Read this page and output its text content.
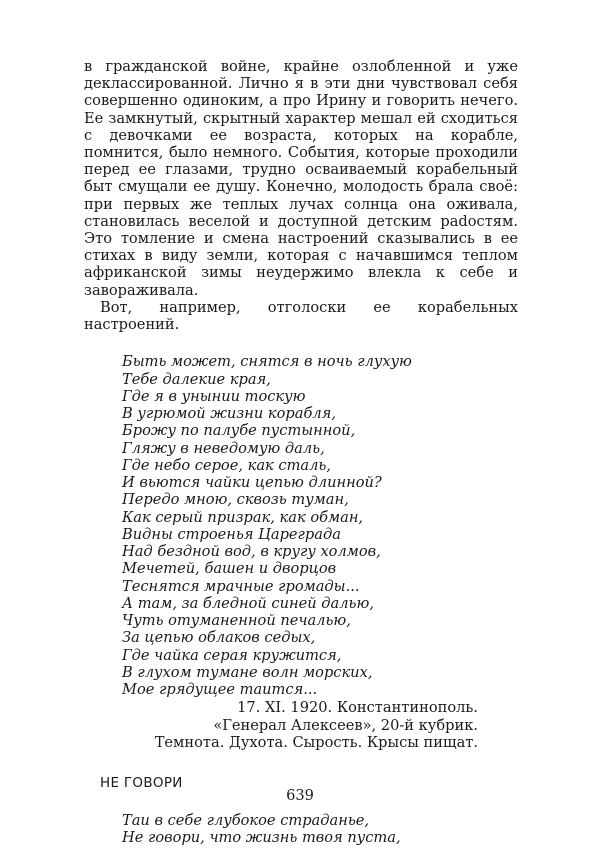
в гражданской войне, крайне озлобленной и уже деклассированной. Лично я в эти дни чувствовал себя совершенно одиноким, а про Ирину и говорить нечего. Ее замкнутый, скрытный характер мешал ей сходиться с девочками ее возраста, которых на корабле, помнится, было немного. События, которые проходили перед ее глазами, трудно осваиваемый корабельный быт смущали ее душу. Конечно, молодость брала своё: при первых же теплых лучах солнца она оживала, становилась веселой и доступной детским раdостям. Это томление и смена настроений сказывались в ее стихах в виду земли, которая с начавшимся теплом африканской зимы неудержимо влекла к себе и завораживала.

Вот, например, отголоски ее корабельных настроений.

Быть может, снятся в ночь глухую
Тебе далекие края,
Где я в унынии тоскую
В угрюмой жизни корабля,
Брожу по палубе пустынной,
Гляжу в неведомую даль,
Где небо серое, как сталь,
И вьются чайки цепью длинной?
Передо мною, сквозь туман,
Как серый призрак, как обман,
Видны строенья Цареграда
Над бездной вод, в кругу холмов,
Мечетей, башен и дворцов
Теснятся мрачные громады...
А там, за бледной синей далью,
Чуть отуманенной печалью,
За цепью облаков седых,
Где чайка серая кружится,
В глухом тумане волн морских,
Мое грядущее таится...
17. XI. 1920. Константинополь.
«Генерал Алексеев», 20-й кубрик.
Темнота. Духота. Сырость. Крысы пищат.
НЕ ГОВОРИ
Таи в себе глубокое страданье,
Не говори, что жизнь твоя пуста,
639
